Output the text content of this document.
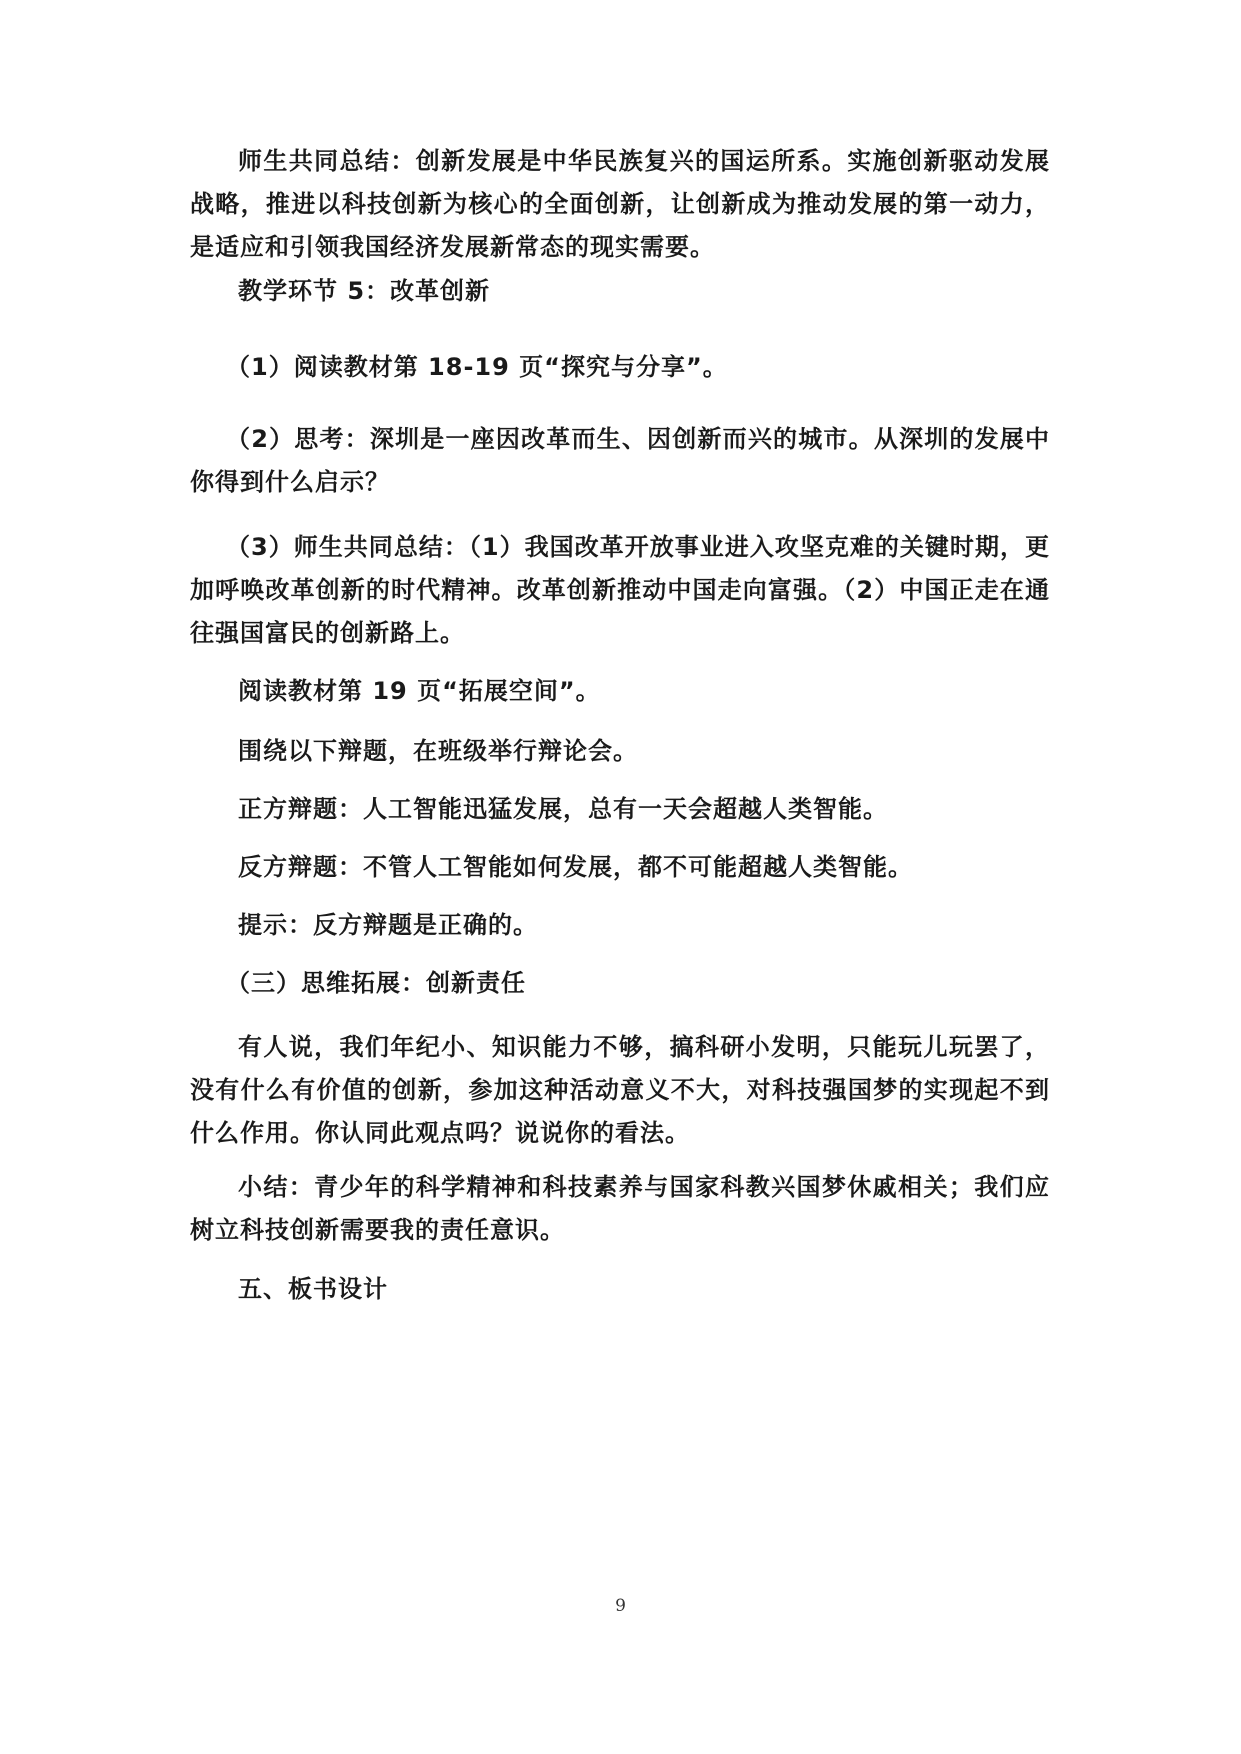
师生共同总结：创新发展是中华民族复兴的国运所系。实施创新驱动发展战略，推进以科技创新为核心的全面创新，让创新成为推动发展的第一动力，是适应和引领我国经济发展新常态的现实需要。

教学环节 5：改革创新

（1）阅读教材第 18-19 页“探究与分享”。

（2）思考：深圳是一座因改革而生、因创新而兴的城市。从深圳的发展中你得到什么启示？

（3）师生共同总结：（1）我国改革开放事业进入攻坚克难的关键时期，更加呼唤改革创新的时代精神。改革创新推动中国走向富强。（2）中国正走在通往强国富民的创新路上。

阅读教材第 19 页“拓展空间”。

围绕以下辩题，在班级举行辩论会。

正方辩题：人工智能迅猛发展，总有一天会超越人类智能。

反方辩题：不管人工智能如何发展，都不可能超越人类智能。

提示：反方辩题是正确的。

（三）思维拓展：创新责任

有人说，我们年纪小、知识能力不够，搞科研小发明，只能玩儿玩罢了，没有什么有价值的创新，参加这种活动意义不大，对科技强国梦的实现起不到什么作用。你认同此观点吗？说说你的看法。

小结：青少年的科学精神和科技素养与国家科教兴国梦休戚相关；我们应树立科技创新需要我的责任意识。

五、板书设计

9
